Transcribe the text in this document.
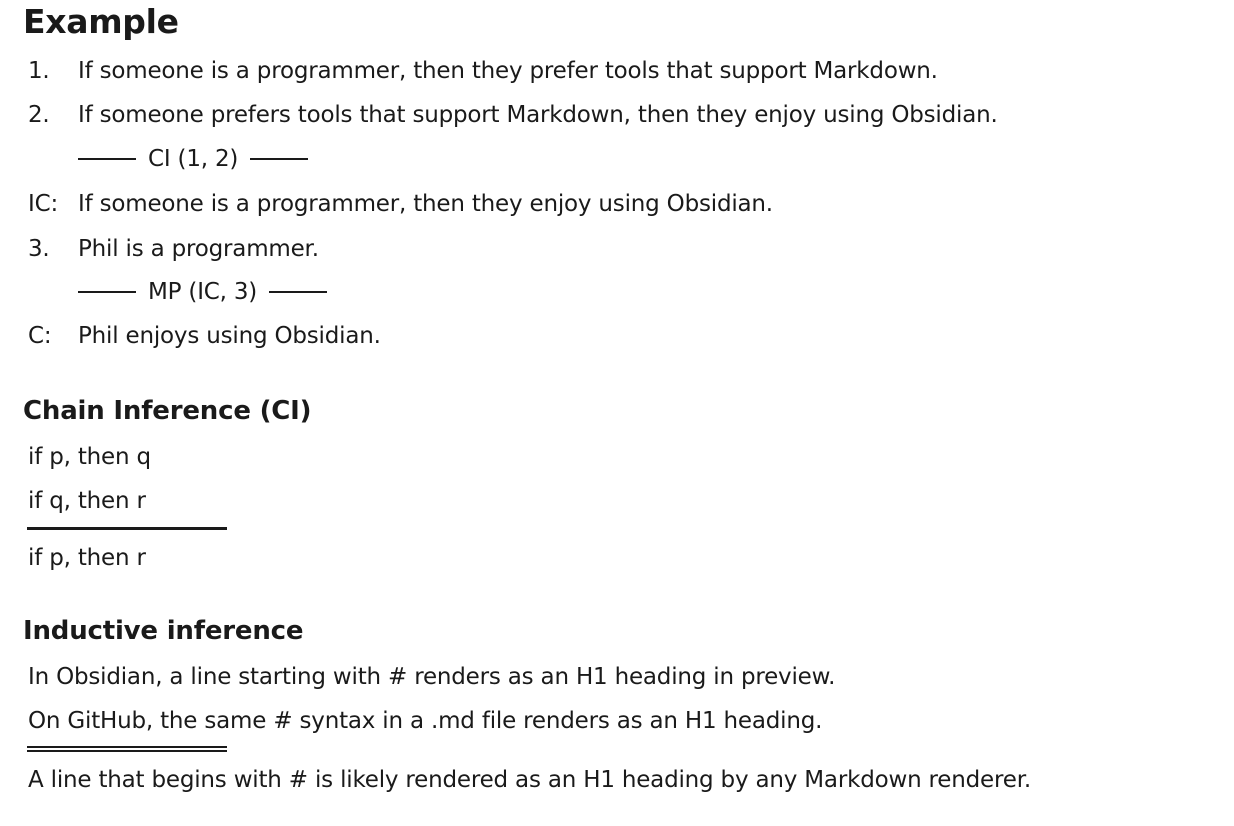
Example
1. If someone is a programmer, then they prefer tools that support Markdown.
2. If someone prefers tools that support Markdown, then they enjoy using Obsidian.
CI (1, 2)
IC: If someone is a programmer, then they enjoy using Obsidian.
3. Phil is a programmer.
MP (IC, 3)
C: Phil enjoys using Obsidian.
Chain Inference (CI)
if p, then q
if q, then r
if p, then r
Inductive inference
In Obsidian, a line starting with # renders as an H1 heading in preview.
On GitHub, the same # syntax in a .md file renders as an H1 heading.
A line that begins with # is likely rendered as an H1 heading by any Markdown renderer.
